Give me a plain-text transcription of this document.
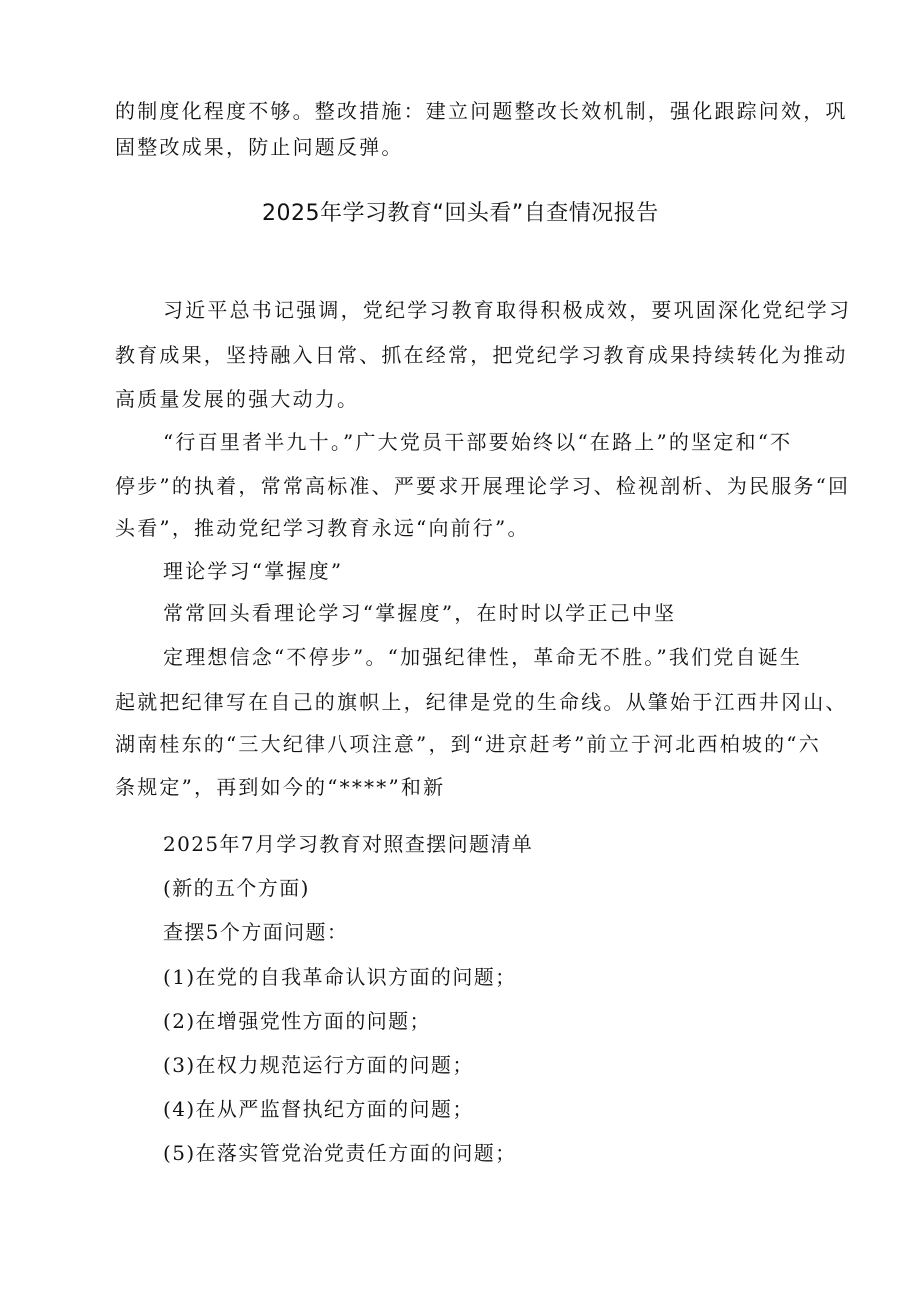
的制度化程度不够。整改措施：建立问题整改长效机制，强化跟踪问效，巩
固整改成果，防止问题反弹。
2025年学习教育“回头看”自查情况报告
习近平总书记强调，党纪学习教育取得积极成效，要巩固深化党纪学习
教育成果，坚持融入日常、抓在经常，把党纪学习教育成果持续转化为推动
高质量发展的强大动力。
“行百里者半九十。”广大党员干部要始终以“在路上”的坚定和“不
停步”的执着，常常高标准、严要求开展理论学习、检视剖析、为民服务“回
头看”，推动党纪学习教育永远“向前行”。
理论学习“掌握度”
常常回头看理论学习“掌握度”，在时时以学正己中坚
定理想信念“不停步”。“加强纪律性，革命无不胜。”我们党自诞生
起就把纪律写在自己的旗帜上，纪律是党的生命线。从肇始于江西井冈山、
湖南桂东的“三大纪律八项注意”，到“进京赶考”前立于河北西柏坡的“六
条规定”，再到如今的“****”和新
2025年7月学习教育对照查摆问题清单
(新的五个方面)
查摆5个方面问题：
(1)在党的自我革命认识方面的问题；
(2)在增强党性方面的问题；
(3)在权力规范运行方面的问题；
(4)在从严监督执纪方面的问题；
(5)在落实管党治党责任方面的问题；
